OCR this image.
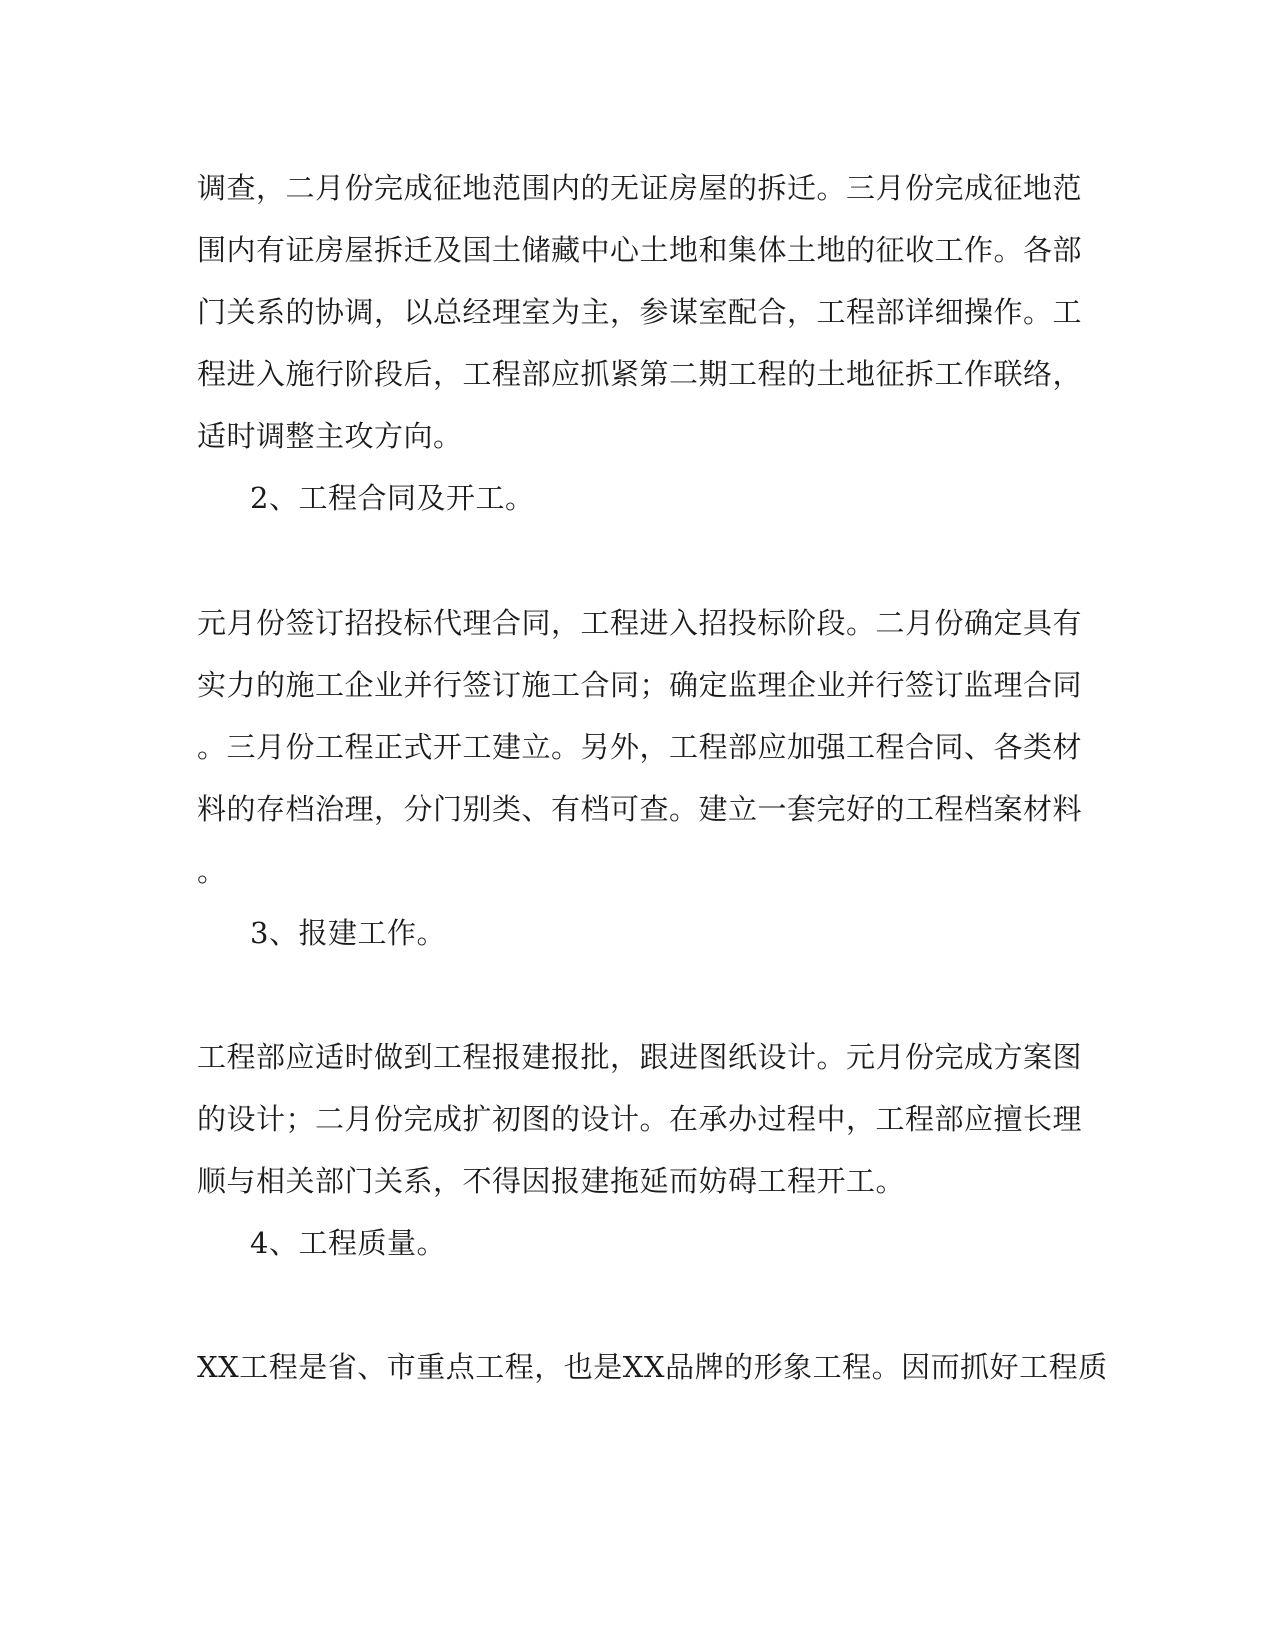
调查，二月份完成征地范围内的无证房屋的拆迁。三月份完成征地范
围内有证房屋拆迁及国土储藏中心土地和集体土地的征收工作。各部
门关系的协调，以总经理室为主，参谋室配合，工程部详细操作。工
程进入施行阶段后，工程部应抓紧第二期工程的土地征拆工作联络，
适时调整主攻方向。
2、工程合同及开工。
元月份签订招投标代理合同，工程进入招投标阶段。二月份确定具有
实力的施工企业并行签订施工合同；确定监理企业并行签订监理合同
。三月份工程正式开工建立。另外，工程部应加强工程合同、各类材
料的存档治理，分门别类、有档可查。建立一套完好的工程档案材料
。
3、报建工作。
工程部应适时做到工程报建报批，跟进图纸设计。元月份完成方案图
的设计；二月份完成扩初图的设计。在承办过程中，工程部应擅长理
顺与相关部门关系，不得因报建拖延而妨碍工程开工。
4、工程质量。
XX工程是省、市重点工程，也是XX品牌的形象工程。因而抓好工程质
